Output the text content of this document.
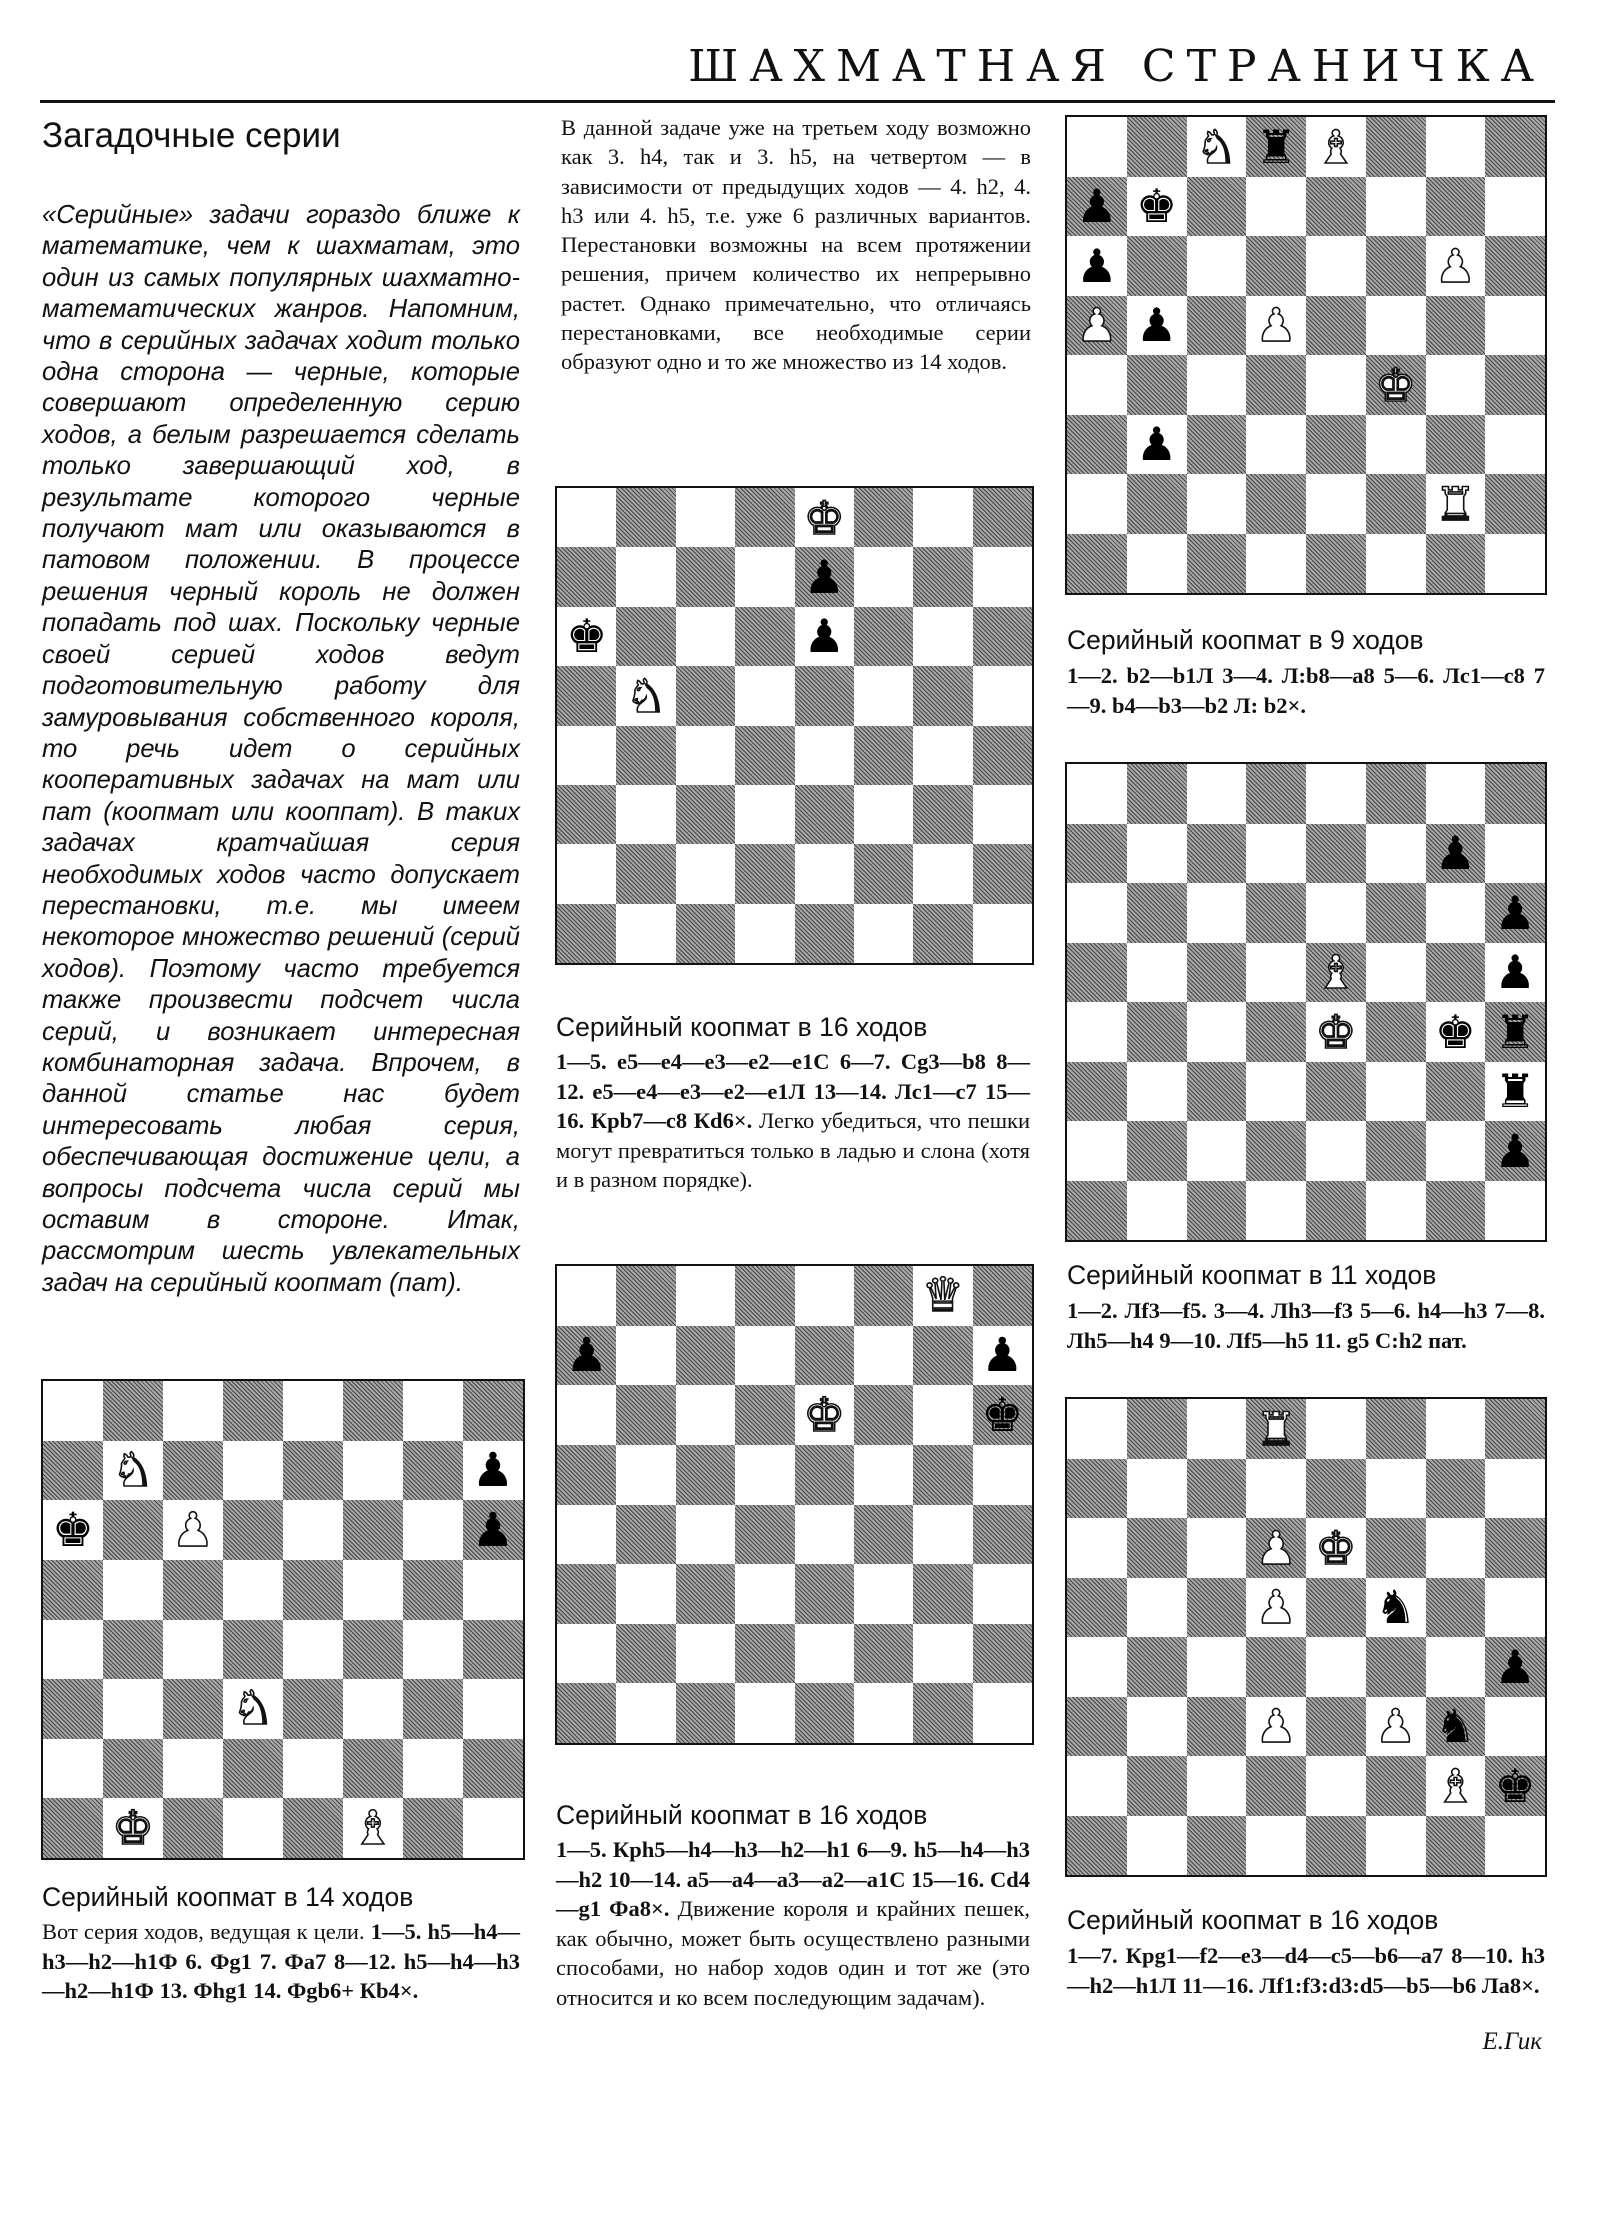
ШАХМАТНАЯ СТРАНИЧКА
Загадочные серии
«Серийные» задачи гораздо ближе к математике, чем к шахматам, это один из самых популярных шахматно-математических жанров. Напомним, что в серийных задачах ходит только одна сторона — черные, которые совершают определенную серию ходов, а белым разрешается сделать только завершающий ход, в результате которого черные получают мат или оказываются в патовом положении. В процессе решения черный король не должен попадать под шах. Поскольку черные своей серией ходов ведут подготовительную работу для замуровывания собственного короля, то речь идет о серийных кооперативных задачах на мат или пат (коопмат или кооппат). В таких задачах кратчайшая серия необходимых ходов часто допускает перестановки, т.е. мы имеем некоторое множество решений (серий ходов). Поэтому часто требуется также произвести подсчет числа серий, и возникает интересная комбинаторная задача. Впрочем, в данной статье нас будет интересовать любая серия, обеспечивающая достижение цели, а вопросы подсчета числа серий мы оставим в стороне. Итак, рассмотрим шесть увлекательных задач на серийный коопмат (пат).
В данной задаче уже на третьем ходу возможно как 3. h4, так и 3. h5, на четвертом — в зависимости от предыдущих ходов — 4. h2, 4. h3 или 4. h5, т.е. уже 6 различных вариантов. Перестановки возможны на всем протяжении решения, причем количество их непрерывно растет. Однако примечательно, что отличаясь перестановками, все необходимые серии образуют одно и то же множество из 14 ходов.
♞	♟
♚ ♟	♟
♞
♚	♝
Серийный коопмат в 14 ходов
Вот серия ходов, ведущая к цели. 1—5. h5—h4—h3—h2—h1Ф 6. Фg1 7. Фa7 8—12. h5—h4—h3—h2—h1Ф 13. Фhg1 14. Фgb6+ Кb4×.
♚
♟
♚	♟
♞
Серийный коопмат в 16 ходов
1—5. e5—e4—e3—e2—e1С 6—7. Сg3—b8 8—12. e5—e4—e3—e2—e1Л 13—14. Лс1—с7 15—16. Крb7—с8 Кd6×. Легко убедиться, что пешки могут превратиться только в ладью и слона (хотя и в разном порядке).
♛
♟	♟
♚	♚
Серийный коопмат в 16 ходов
1—5. Крh5—h4—h3—h2—h1 6—9. h5—h4—h3—h2 10—14. a5—a4—a3—a2—a1С 15—16. Сd4—g1 Фa8×. Движение короля и крайних пешек, как обычно, может быть осуществлено разными способами, но набор ходов один и тот же (это относится и ко всем последующим задачам).
♞ ♜ ♝
♟ ♚
♟	♟
♟ ♟ ♟
♚
♟
♜
Серийный коопмат в 9 ходов
1—2. b2—b1Л 3—4. Л:b8—a8 5—6. Лс1—с8 7—9. b4—b3—b2 Л: b2×.
♟
♟
♝	♟
♚ ♚ ♜
♜
♟
Серийный коопмат в 11 ходов
1—2. Лf3—f5. 3—4. Лh3—f3 5—6. h4—h3 7—8. Лh5—h4 9—10. Лf5—h5 11. g5 С:h2 пат.
♜
♟ ♚
♟ ♞
♟
♟ ♟ ♞
♝ ♚
Серийный коопмат в 16 ходов
1—7. Крg1—f2—e3—d4—с5—b6—a7 8—10. h3—h2—h1Л 11—16. Лf1:f3:d3:d5—b5—b6 Лa8×.
Е.Гик
